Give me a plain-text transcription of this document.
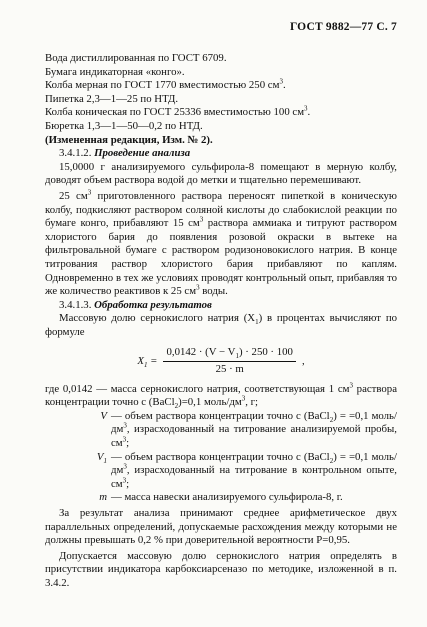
ГОСТ 9882—77 С. 7
Вода дистиллированная по ГОСТ 6709.
Бумага индикаторная «конго».
Колба мерная по ГОСТ 1770 вместимостью 250 $см^3$.
Пипетка 2,3—1—25 по НТД.
Колба коническая по ГОСТ 25336 вместимостью 100 $см^3$.
Бюретка 1,3—1—50—0,2 по НТД.
(Измененная редакция, Изм. № 2).
3.4.1.2. Проведение анализа
15,0000 г анализируемого сульфирола-8 помещают в мерную колбу, доводят объем раствора водой до метки и тщательно перемешивают.
25 $см^3$ приготовленного раствора переносят пипеткой в коническую колбу, подкисляют раствором соляной кислоты до слабокислой реакции по бумаге конго, прибавляют 15 $см^3$ раствора аммиака и титруют раствором хлористого бария до появления розовой окраски в вытеке на фильтровальной бумаге с раствором родизоновокислого натрия. В конце титрования раствор хлористого бария прибавляют по каплям. Одновременно в тех же условиях проводят контрольный опыт, прибавляя то же количество реактивов к 25 $см^3$ воды.
3.4.1.3. Обработка результатов
Массовую долю сернокислого натрия $(X_1)$ в процентах вычисляют по формуле
$X_1 = \frac{0,0142 \cdot (V - V_1) \cdot 250 \cdot 100}{25 \cdot m}$ ,
где 0,0142 — масса сернокислого натрия, соответствующая 1 $см^3$ раствора концентрации точно с (BaCl$_2$)=0,1 моль/$дм^3$, г;
V — объем раствора концентрации точно с (BaCl$_2$) = =0,1 моль/$дм^3$, израсходованный на титрование анализируемой пробы, $см^3$;
$V_1$ — объем раствора концентрации точно с (BaCl$_2$) = =0,1 моль/$дм^3$, израсходованный на титрование в контрольном опыте, $см^3$;
m — масса навески анализируемого сульфирола-8, г.
За результат анализа принимают среднее арифметическое двух параллельных определений, допускаемые расхождения между которыми не должны превышать 0,2 % при доверительной вероятности Р=0,95.
Допускается массовую долю сернокислого натрия определять в присутствии индикатора карбоксиарсеназо по методике, изложенной в п. 3.4.2.
